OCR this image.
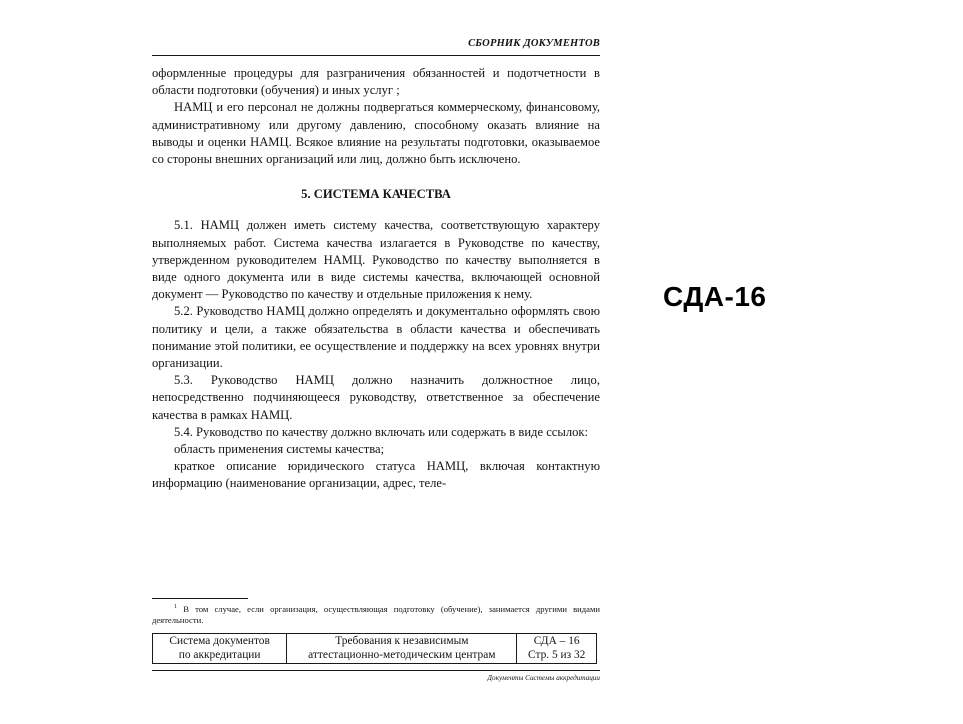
СБОРНИК ДОКУМЕНТОВ

оформленные процедуры для разграничения обязанностей и подотчетности в области подготовки (обучения) и иных услуг ;

НАМЦ и его персонал не должны подвергаться коммерческому, финансовому, административному или другому давлению, способному оказать влияние на выводы и оценки НАМЦ. Всякое влияние на результаты подготовки, оказываемое со стороны внешних организаций или лиц, должно быть исключено.

5. СИСТЕМА КАЧЕСТВА

5.1. НАМЦ должен иметь систему качества, соответствующую характеру выполняемых работ. Система качества излагается в Руководстве по качеству, утвержденном руководителем НАМЦ. Руководство по качеству выполняется в виде одного документа или в виде системы качества, включающей основной документ — Руководство по качеству и отдельные приложения к нему.

5.2. Руководство НАМЦ должно определять и документально оформлять свою политику и цели, а также обязательства в области качества и обеспечивать понимание этой политики, ее осуществление и поддержку на всех уровнях внутри организации.

5.3. Руководство НАМЦ должно назначить должностное лицо, непосредственно подчиняющееся руководству, ответственное за обеспечение качества в рамках НАМЦ.

5.4. Руководство по качеству должно включать или содержать в виде ссылок:

область применения системы качества;

краткое описание юридического статуса НАМЦ, включая контактную информацию (наименование организации, адрес, теле-

$^1$ В том случае, если организация, осуществляющая подготовку (обучение), занимается другими видами деятельности.
Система документов
по аккредитации

Требования к независимым
аттестационно-методическим центрам

СДА – 16
Стр. 5 из 32
Документы Системы аккредитации
СДА-16
